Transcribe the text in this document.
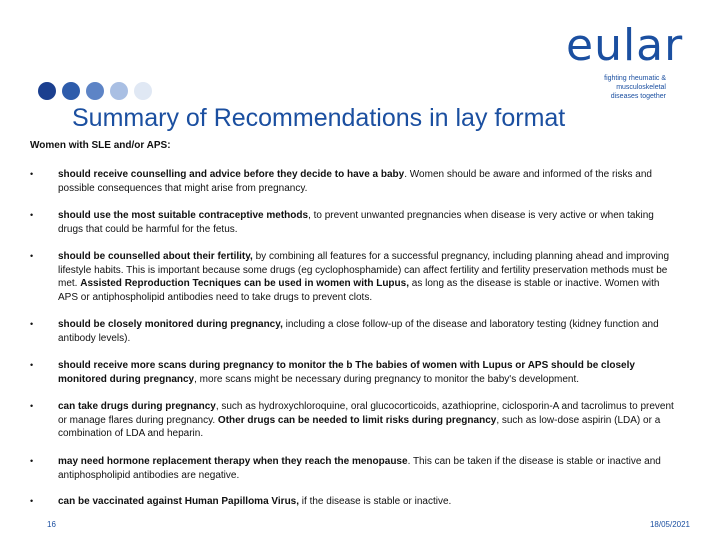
eular
fighting rheumatic & musculoskeletal
diseases together
Summary of Recommendations in lay format
Women with SLE and/or APS:
• should receive counselling and advice before they decide to have a baby. Women should be aware and informed of the risks and possible consequences that might arise from pregnancy.
• should use the most suitable contraceptive methods, to prevent unwanted pregnancies when disease is very active or when taking drugs that could be harmful for the fetus.
• should be counselled about their fertility, by combining all features for a successful pregnancy, including planning ahead and improving lifestyle habits. This is important because some drugs (eg cyclophosphamide) can affect fertility and fertility preservation methods must be met. Assisted Reproduction Tecniques can be used in women with Lupus, as long as the disease is stable or inactive. Women with APS or antiphospholipid antibodies need to take drugs to prevent clots.
• should be closely monitored during pregnancy, including a close follow-up of the disease and laboratory testing (kidney function and antibody levels).
• should receive more scans during pregnancy to monitor the b The babies of women with Lupus or APS should be closely monitored during pregnancy, more scans might be necessary during pregnancy to monitor the baby's development.
• can take drugs during pregnancy, such as hydroxychloroquine, oral glucocorticoids, azathioprine, ciclosporin-A and tacrolimus to prevent or manage flares during pregnancy. Other drugs can be needed to limit risks during pregnancy, such as low-dose aspirin (LDA) or a combination of LDA and heparin.
• may need hormone replacement therapy when they reach the menopause. This can be taken if the disease is stable or inactive and antiphospholipid antibodies are negative.
• can be vaccinated against Human Papilloma Virus, if the disease is stable or inactive.
16	18/05/2021
